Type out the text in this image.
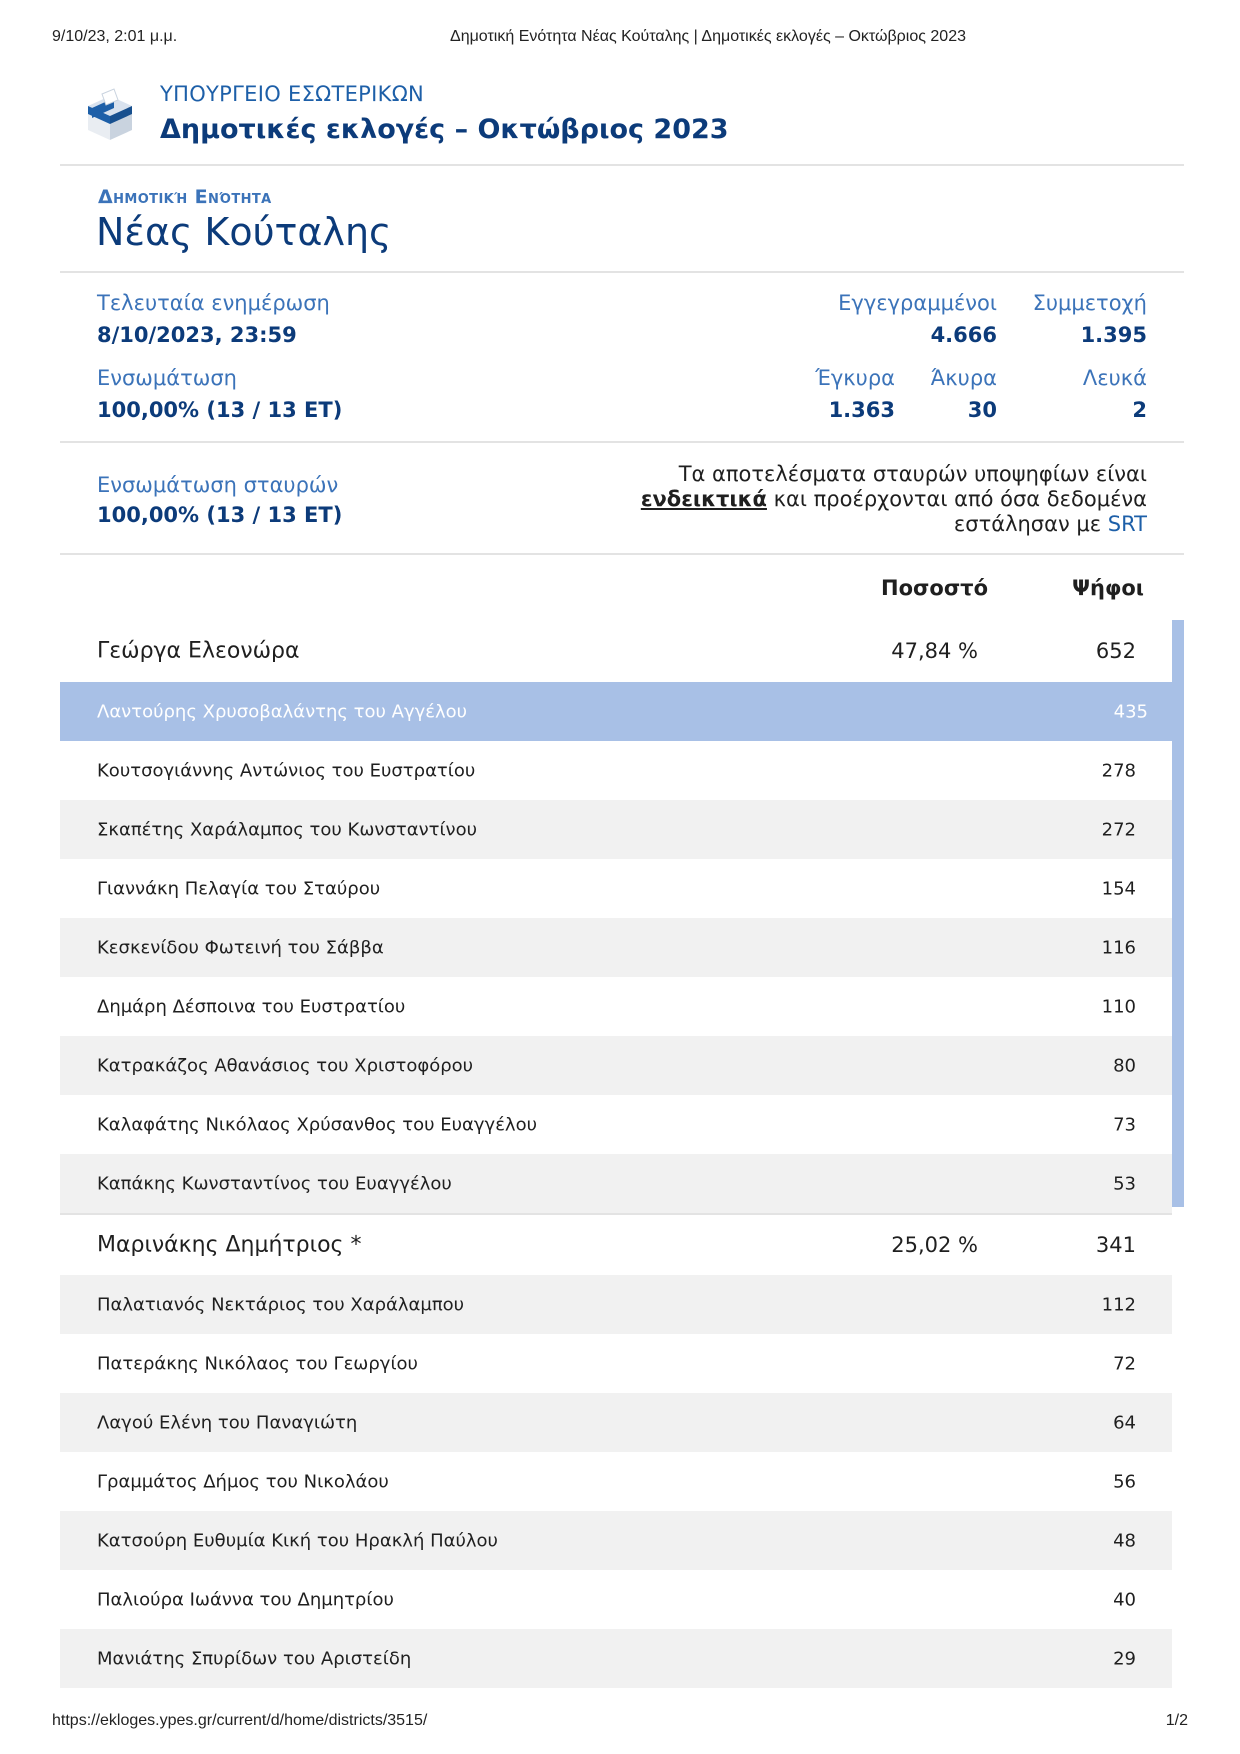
9/10/23, 2:01 μ.μ.	Δημοτική Ενότητα Νέας Κούταλης | Δημοτικές εκλογές – Οκτώβριος 2023
ΥΠΟΥΡΓΕΙΟ ΕΣΩΤΕΡΙΚΩΝ
Δημοτικές εκλογές – Οκτώβριος 2023
Δημοτική Ενότητα
Νέας Κούταλης
Τελευταία ενημέρωση
8/10/2023, 23:59
Εγγεγραμμένοι
4.666
Συμμετοχή
1.395
Ενσωμάτωση
100,00% (13 / 13 ΕΤ)
Έγκυρα
1.363
Άκυρα
30
Λευκά
2
Ενσωμάτωση σταυρών
100,00% (13 / 13 ΕΤ)
Τα αποτελέσματα σταυρών υποψηφίων είναι
ενδεικτικά και προέρχονται από όσα δεδομένα
εστάλησαν με SRT
Ποσοστό	Ψήφοι
Γεώργα Ελεονώρα	47,84 %	652
Λαντούρης Χρυσοβαλάντης του Αγγέλου	435
Κουτσογιάννης Αντώνιος του Ευστρατίου	278
Σκαπέτης Χαράλαμπος του Κωνσταντίνου	272
Γιαννάκη Πελαγία του Σταύρου	154
Κεσκενίδου Φωτεινή του Σάββα	116
Δημάρη Δέσποινα του Ευστρατίου	110
Κατρακάζος Αθανάσιος του Χριστοφόρου	80
Καλαφάτης Νικόλαος Χρύσανθος του Ευαγγέλου	73
Καπάκης Κωνσταντίνος του Ευαγγέλου	53
Μαρινάκης Δημήτριος *	25,02 %	341
Παλατιανός Νεκτάριος του Χαράλαμπου	112
Πατεράκης Νικόλαος του Γεωργίου	72
Λαγού Ελένη του Παναγιώτη	64
Γραμμάτος Δήμος του Νικολάου	56
Κατσούρη Ευθυμία Κική του Ηρακλή Παύλου	48
Παλιούρα Ιωάννα του Δημητρίου	40
Μανιάτης Σπυρίδων του Αριστείδη	29
https://ekloges.ypes.gr/current/d/home/districts/3515/	1/2
